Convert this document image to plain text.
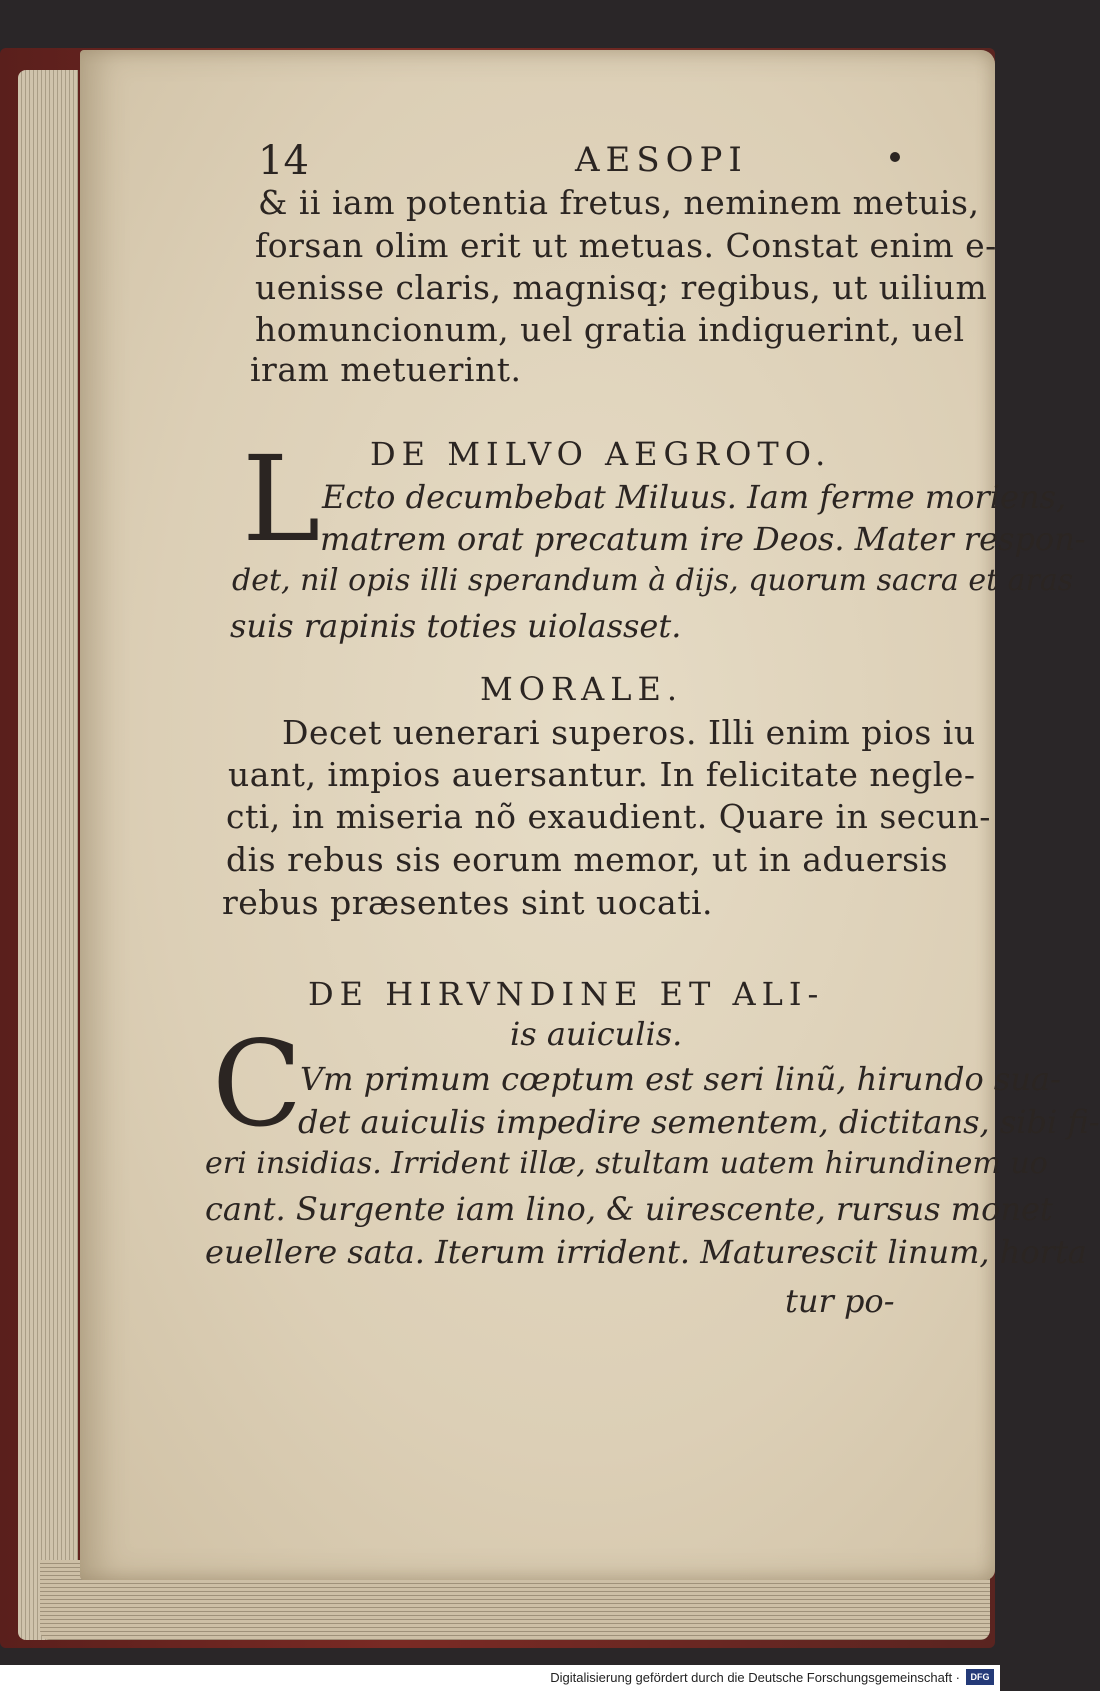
14	AESOPI
& ii iam potentia fretus, neminem metuis,
forsan olim erit ut metuas. Constat enim e-
uenisse claris, magnisq; regibus, ut uilium
homuncionum, uel gratia indiguerint, uel
iram metuerint.
DE MILVO AEGROTO.
L Ecto decumbebat Miluus. Iam ferme moriens,
matrem orat precatum ire Deos. Mater respon-
det, nil opis illi sperandum à dijs, quorum sacra et aras
suis rapinis toties uiolasset.
MORALE.
Decet uenerari superos. Illi enim pios iu
uant, impios auersantur. In felicitate negle-
cti, in miseria nõ exaudient. Quare in secun-
dis rebus sis eorum memor, ut in aduersis
rebus præsentes sint uocati.
DE HIRVNDINE ET ALI-
is auiculis.
C
Vm primum cœptum est seri linũ, hirundo sua-
det auiculis impedire sementem, dictitans, sibi fi-
eri insidias. Irrident illæ, stultam uatem hirundinem uo
cant. Surgente iam lino, & uirescente, rursus monet
euellere sata. Iterum irrident. Maturescit linum, horta
tur po-
Digitalisierung gefördert durch die Deutsche Forschungsgemeinschaft ·	DFG
